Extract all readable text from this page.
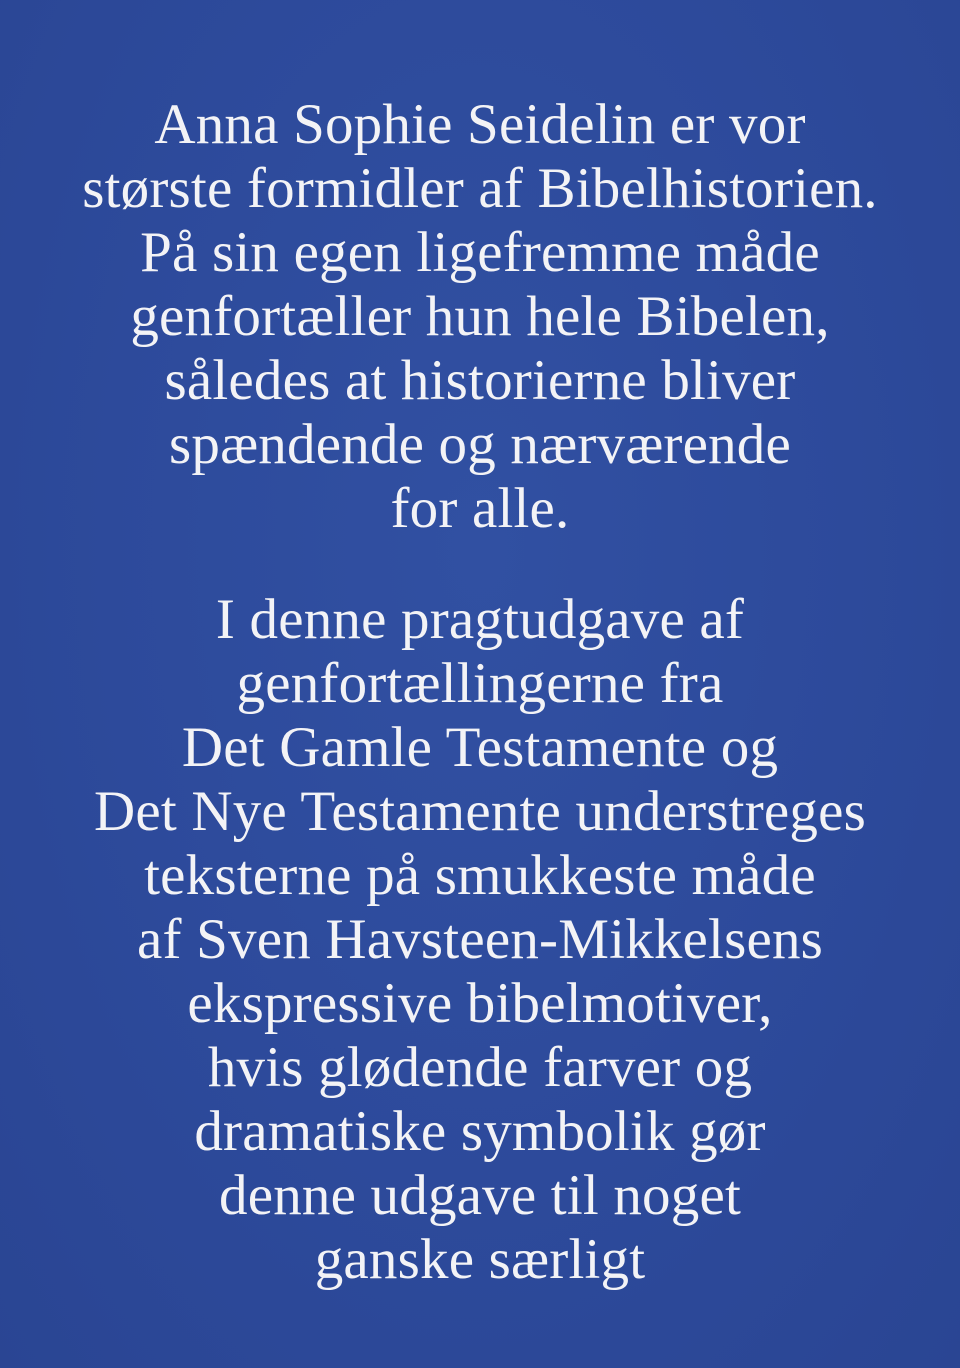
Anna Sophie Seidelin er vor
største formidler af Bibelhistorien.
På sin egen ligefremme måde
genfortæller hun hele Bibelen,
således at historierne bliver
spændende og nærværende
for alle.
I denne pragtudgave af
genfortællingerne fra
Det Gamle Testamente og
Det Nye Testamente understreges
teksterne på smukkeste måde
af Sven Havsteen-Mikkelsens
ekspressive bibelmotiver,
hvis glødende farver og
dramatiske symbolik gør
denne udgave til noget
ganske særligt
